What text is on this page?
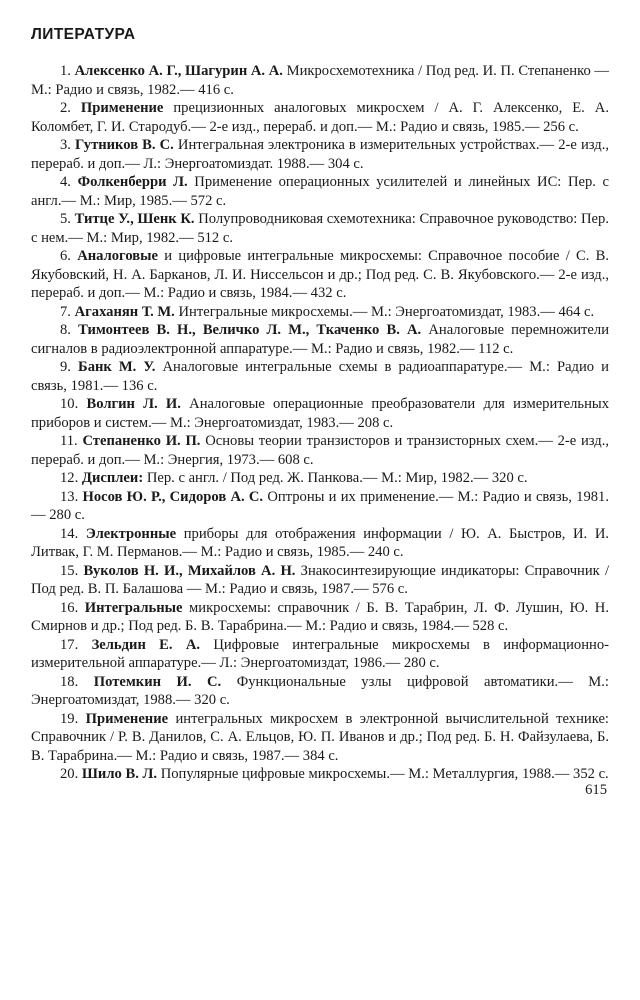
ЛИТЕРАТУРА
1. Алексенко А. Г., Шагурин А. А. Микросхемотехника / Под ред. И. П. Степаненко — М.: Радио и связь, 1982.— 416 с.
2. Применение прецизионных аналоговых микросхем / А. Г. Алексенко, Е. А. Коломбет, Г. И. Стародуб.— 2-е изд., перераб. и доп.— М.: Радио и связь, 1985.— 256 с.
3. Гутников В. С. Интегральная электроника в измерительных устройствах.— 2-е изд., перераб. и доп.— Л.: Энергоатомиздат. 1988.— 304 с.
4. Фолкенберри Л. Применение операционных усилителей и линейных ИС: Пер. с англ.— М.: Мир, 1985.— 572 с.
5. Титце У., Шенк К. Полупроводниковая схемотехника: Справочное руководство: Пер. с нем.— М.: Мир, 1982.— 512 с.
6. Аналоговые и цифровые интегральные микросхемы: Справочное пособие / С. В. Якубовский, Н. А. Барканов, Л. И. Ниссельсон и др.; Под ред. С. В. Якубовского.— 2-е изд., перераб. и доп.— М.: Радио и связь, 1984.— 432 с.
7. Агаханян Т. М. Интегральные микросхемы.— М.: Энергоатомиздат, 1983.— 464 с.
8. Тимонтеев В. Н., Величко Л. М., Ткаченко В. А. Аналоговые перемножители сигналов в радиоэлектронной аппаратуре.— М.: Радио и связь, 1982.— 112 с.
9. Банк М. У. Аналоговые интегральные схемы в радиоаппаратуре.— М.: Радио и связь, 1981.— 136 с.
10. Волгин Л. И. Аналоговые операционные преобразователи для измерительных приборов и систем.— М.: Энергоатомиздат, 1983.— 208 с.
11. Степаненко И. П. Основы теории транзисторов и транзисторных схем.— 2-е изд., перераб. и доп.— М.: Энергия, 1973.— 608 с.
12. Дисплеи: Пер. с англ. / Под ред. Ж. Панкова.— М.: Мир, 1982.— 320 с.
13. Носов Ю. Р., Сидоров А. С. Оптроны и их применение.— М.: Радио и связь, 1981.— 280 с.
14. Электронные приборы для отображения информации / Ю. А. Быстров, И. И. Литвак, Г. М. Перманов.— М.: Радио и связь, 1985.— 240 с.
15. Вуколов Н. И., Михайлов А. Н. Знакосинтезирующие индикаторы: Справочник / Под ред. В. П. Балашова — М.: Радио и связь, 1987.— 576 с.
16. Интегральные микросхемы: справочник / Б. В. Тарабрин, Л. Ф. Лушин, Ю. Н. Смирнов и др.; Под ред. Б. В. Тарабрина.— М.: Радио и связь, 1984.— 528 с.
17. Зельдин Е. А. Цифровые интегральные микросхемы в информационно-измерительной аппаратуре.— Л.: Энергоатомиздат, 1986.— 280 с.
18. Потемкин И. С. Функциональные узлы цифровой автоматики.— М.: Энергоатомиздат, 1988.— 320 с.
19. Применение интегральных микросхем в электронной вычислительной технике: Справочник / Р. В. Данилов, С. А. Ельцов, Ю. П. Иванов и др.; Под ред. Б. Н. Файзулаева, Б. В. Тарабрина.— М.: Радио и связь, 1987.— 384 с.
20. Шило В. Л. Популярные цифровые микросхемы.— М.: Металлургия, 1988.— 352 с.
615
